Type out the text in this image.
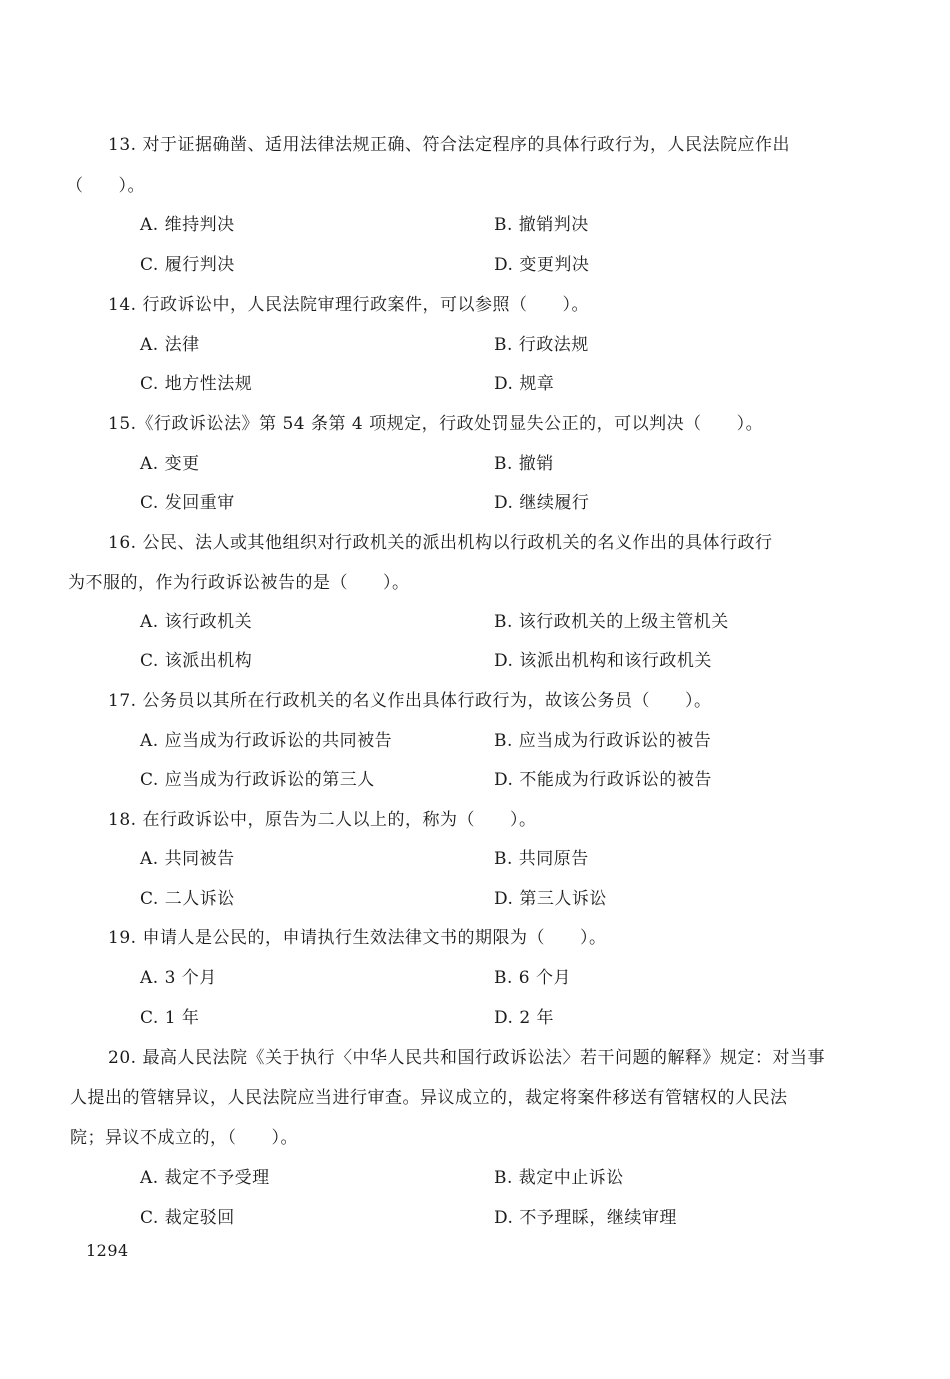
13. 对于证据确凿、适用法律法规正确、符合法定程序的具体行政行为，人民法院应作出
（　　）。
A. 维持判决	B. 撤销判决
C. 履行判决	D. 变更判决
14. 行政诉讼中，人民法院审理行政案件，可以参照（　　）。
A. 法律	B. 行政法规
C. 地方性法规	D. 规章
15.《行政诉讼法》第 54 条第 4 项规定，行政处罚显失公正的，可以判决（　　）。
A. 变更	B. 撤销
C. 发回重审	D. 继续履行
16. 公民、法人或其他组织对行政机关的派出机构以行政机关的名义作出的具体行政行
为不服的，作为行政诉讼被告的是（　　）。
A. 该行政机关	B. 该行政机关的上级主管机关
C. 该派出机构	D. 该派出机构和该行政机关
17. 公务员以其所在行政机关的名义作出具体行政行为，故该公务员（　　）。
A. 应当成为行政诉讼的共同被告	B. 应当成为行政诉讼的被告
C. 应当成为行政诉讼的第三人	D. 不能成为行政诉讼的被告
18. 在行政诉讼中，原告为二人以上的，称为（　　）。
A. 共同被告	B. 共同原告
C. 二人诉讼	D. 第三人诉讼
19. 申请人是公民的，申请执行生效法律文书的期限为（　　）。
A. 3 个月	B. 6 个月
C. 1 年	D. 2 年
20. 最高人民法院《关于执行〈中华人民共和国行政诉讼法〉若干问题的解释》规定：对当事
人提出的管辖异议，人民法院应当进行审查。异议成立的，裁定将案件移送有管辖权的人民法
院；异议不成立的，（　　）。
A. 裁定不予受理	B. 裁定中止诉讼
C. 裁定驳回	D. 不予理睬，继续审理
1294
